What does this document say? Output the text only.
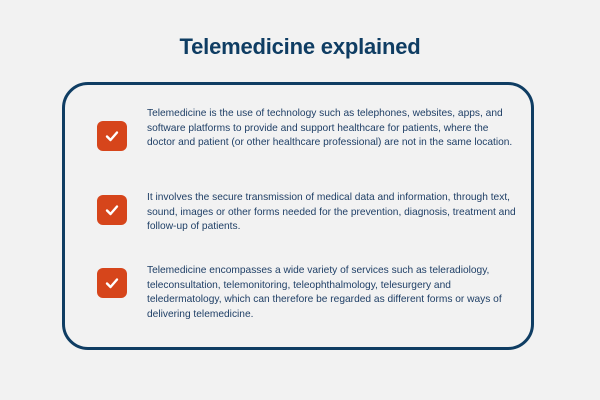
Telemedicine explained
Telemedicine is the use of technology such as telephones, websites, apps, and software platforms to provide and support healthcare for patients, where the doctor and patient (or other healthcare professional) are not in the same location.
It involves the secure transmission of medical data and information, through text, sound, images or other forms needed for the prevention, diagnosis, treatment and follow-up of patients.
Telemedicine encompasses a wide variety of services such as teleradiology, teleconsultation, telemonitoring, teleophthalmology, telesurgery and teledermatology, which can therefore be regarded as different forms or ways of delivering telemedicine.
